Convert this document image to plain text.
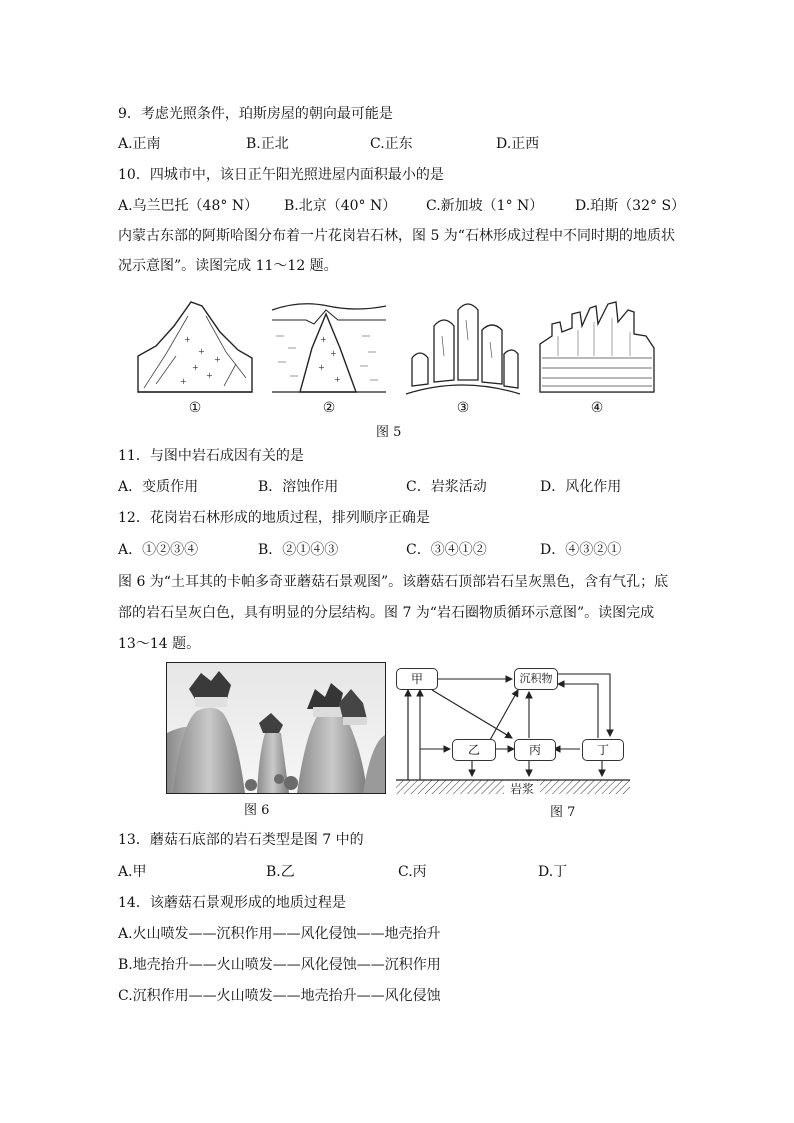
9．考虑光照条件，珀斯房屋的朝向最可能是
A.正南	B.正北	C.正东	D.正西
10．四城市中，该日正午阳光照进屋内面积最小的是
A.乌兰巴托（48° N） B.北京（40° N） C.新加坡（1° N） D.珀斯（32° S）
内蒙古东部的阿斯哈图分布着一片花岗岩石林，图 5 为“石林形成过程中不同时期的地质状
况示意图”。读图完成 11～12 题。
+
+
+
+
+
+
+
+
+
+
①	②	③	④
图 5
11．与图中岩石成因有关的是
A．变质作用	B．溶蚀作用	C．岩浆活动	D．风化作用
12．花岗岩石林形成的地质过程，排列顺序正确是
A．①②③④	B．②①④③	C．③④①②	D．④③②①
图 6 为“土耳其的卡帕多奇亚蘑菇石景观图”。该蘑菇石顶部岩石呈灰黑色，含有气孔；底
部的岩石呈灰白色，具有明显的分层结构。图 7 为“岩石圈物质循环示意图”。读图完成
13～14 题。
图 6
甲	沉积物
乙	丙	丁
岩浆
图 7
13．蘑菇石底部的岩石类型是图 7 中的
A.甲	B.乙	C.丙	D.丁
14．该蘑菇石景观形成的地质过程是
A.火山喷发——沉积作用——风化侵蚀——地壳抬升
B.地壳抬升——火山喷发——风化侵蚀——沉积作用
C.沉积作用——火山喷发——地壳抬升——风化侵蚀
